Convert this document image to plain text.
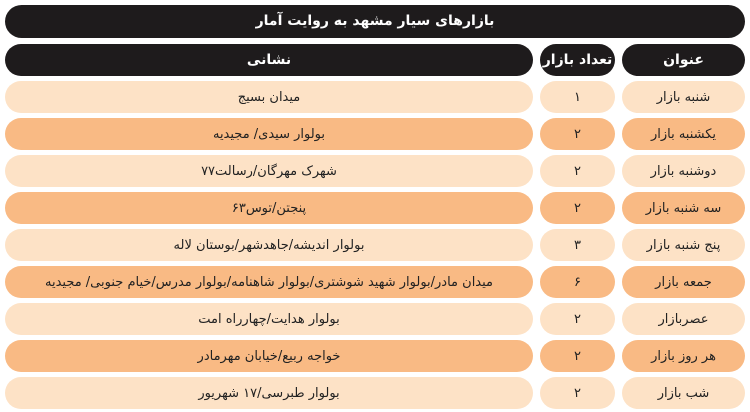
بازارهای سیار مشهد به روایت آمار
عنوان
تعداد بازار
نشانی
شنبه بازار
۱
میدان بسیج
یکشنبه بازار
۲
بولوار سیدی/ مجیدیه
دوشنبه بازار
۲
شهرک مهرگان/رسالت۷۷
سه شنبه بازار
۲
پنجتن/توس۶۳
پنج شنبه بازار
۳
بولوار اندیشه/جاهدشهر/بوستان لاله
جمعه بازار
۶
میدان مادر/بولوار شهید شوشتری/بولوار شاهنامه/بولوار مدرس/خیام جنوبی/ مجیدیه
عصربازار
۲
بولوار هدایت/چهارراه امت
هر روز بازار
۲
خواجه ربیع/خیابان مهرمادر
شب بازار
۲
بولوار طبرسی/۱۷ شهریور
